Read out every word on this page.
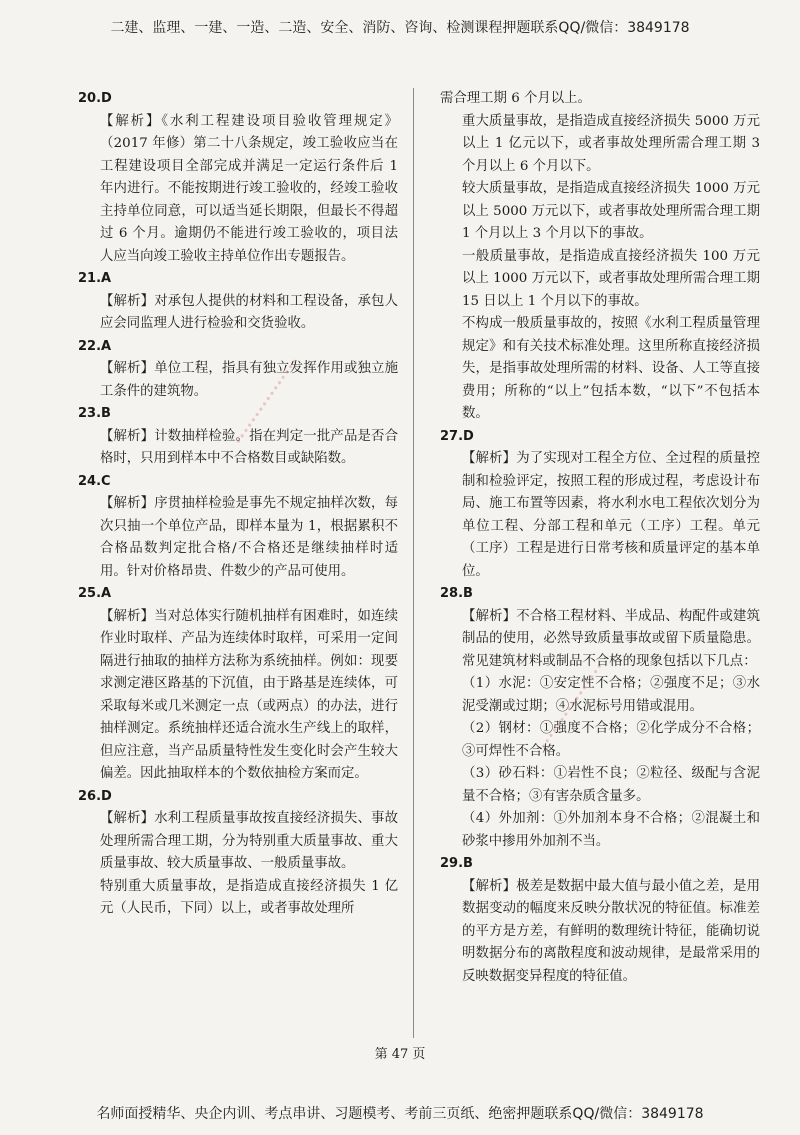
二建、监理、一建、一造、二造、安全、消防、咨询、检测课程押题联系QQ/微信：3849178
20.D
【解析】《水利工程建设项目验收管理规定》（2017 年修）第二十八条规定，竣工验收应当在工程建设项目全部完成并满足一定运行条件后 1 年内进行。不能按期进行竣工验收的，经竣工验收主持单位同意，可以适当延长期限，但最长不得超过 6 个月。逾期仍不能进行竣工验收的，项目法人应当向竣工验收主持单位作出专题报告。
21.A
【解析】对承包人提供的材料和工程设备，承包人应会同监理人进行检验和交货验收。
22.A
【解析】单位工程，指具有独立发挥作用或独立施工条件的建筑物。
23.B
【解析】计数抽样检验。指在判定一批产品是否合格时，只用到样本中不合格数目或缺陷数。
24.C
【解析】序贯抽样检验是事先不规定抽样次数，每次只抽一个单位产品，即样本量为 1，根据累积不合格品数判定批合格/不合格还是继续抽样时适用。针对价格昂贵、件数少的产品可使用。
25.A
【解析】当对总体实行随机抽样有困难时，如连续作业时取样、产品为连续体时取样，可采用一定间隔进行抽取的抽样方法称为系统抽样。例如：现要求测定港区路基的下沉值，由于路基是连续体，可采取每米或几米测定一点（或两点）的办法，进行抽样测定。系统抽样还适合流水生产线上的取样，但应注意，当产品质量特性发生变化时会产生较大偏差。因此抽取样本的个数依抽检方案而定。
26.D
【解析】水利工程质量事故按直接经济损失、事故处理所需合理工期，分为特别重大质量事故、重大质量事故、较大质量事故、一般质量事故。
特别重大质量事故，是指造成直接经济损失 1 亿元（人民币，下同）以上，或者事故处理所
需合理工期 6 个月以上。
重大质量事故，是指造成直接经济损失 5000 万元以上 1 亿元以下，或者事故处理所需合理工期 3 个月以上 6 个月以下。
较大质量事故，是指造成直接经济损失 1000 万元以上 5000 万元以下，或者事故处理所需合理工期 1 个月以上 3 个月以下的事故。
一般质量事故，是指造成直接经济损失 100 万元以上 1000 万元以下，或者事故处理所需合理工期 15 日以上 1 个月以下的事故。
不构成一般质量事故的，按照《水利工程质量管理规定》和有关技术标准处理。这里所称直接经济损失，是指事故处理所需的材料、设备、人工等直接费用；所称的“以上”包括本数，“以下”不包括本数。
27.D
【解析】为了实现对工程全方位、全过程的质量控制和检验评定，按照工程的形成过程，考虑设计布局、施工布置等因素，将水利水电工程依次划分为单位工程、分部工程和单元（工序）工程。单元（工序）工程是进行日常考核和质量评定的基本单位。
28.B
【解析】不合格工程材料、半成品、构配件或建筑制品的使用，必然导致质量事故或留下质量隐患。常见建筑材料或制品不合格的现象包括以下几点：
（1）水泥：①安定性不合格；②强度不足；③水泥受潮或过期；④水泥标号用错或混用。
（2）钢材：①强度不合格；②化学成分不合格；③可焊性不合格。
（3）砂石料：①岩性不良；②粒径、级配与含泥量不合格；③有害杂质含量多。
（4）外加剂：①外加剂本身不合格；②混凝土和砂浆中掺用外加剂不当。
29.B
【解析】极差是数据中最大值与最小值之差，是用数据变动的幅度来反映分散状况的特征值。标准差的平方是方差，有鲜明的数理统计特征，能确切说明数据分布的离散程度和波动规律，是最常采用的反映数据变异程度的特征值。
••••••••••••••••
••••••••••••••••
第 47 页
名师面授精华、央企内训、考点串讲、习题模考、考前三页纸、绝密押题联系QQ/微信：3849178
